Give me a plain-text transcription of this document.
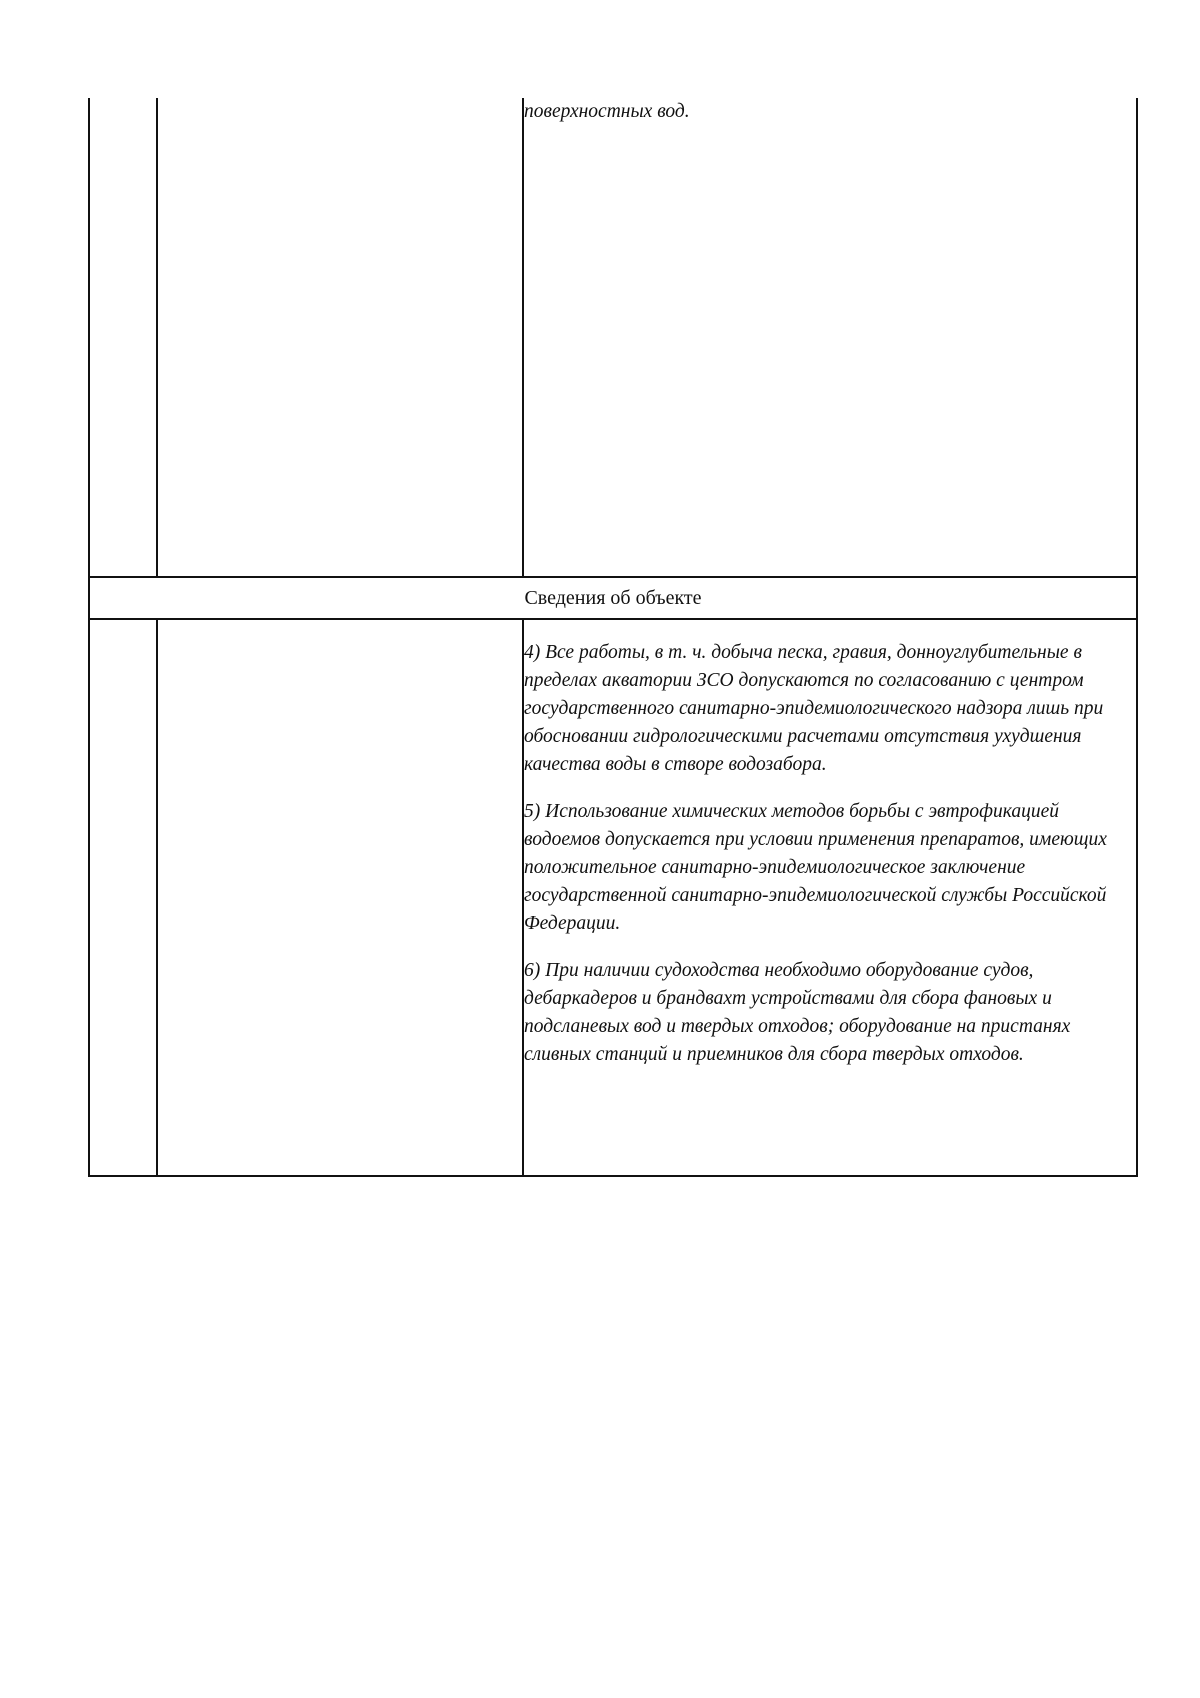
		поверхностных вод.

Сведения об объекте		

		4) Все работы, в т. ч. добыча песка, гравия, донноуглубительные в пределах акватории ЗСО допускаются по согласованию с центром государственного санитарно-эпидемиологического надзора лишь при обосновании гидрологическими расчетами отсутствия ухудшения качества воды в створе водозабора.

5) Использование химических методов борьбы с эвтрофикацией водоемов допускается при условии применения препаратов, имеющих положительное санитарно-эпидемиологическое заключение государственной санитарно-эпидемиологической службы Российской Федерации.

6) При наличии судоходства необходимо оборудование судов, дебаркадеров и брандвахт устройствами для сбора фановых и подсланевых вод и твердых отходов; оборудование на пристанях сливных станций и приемников для сбора твердых отходов.
